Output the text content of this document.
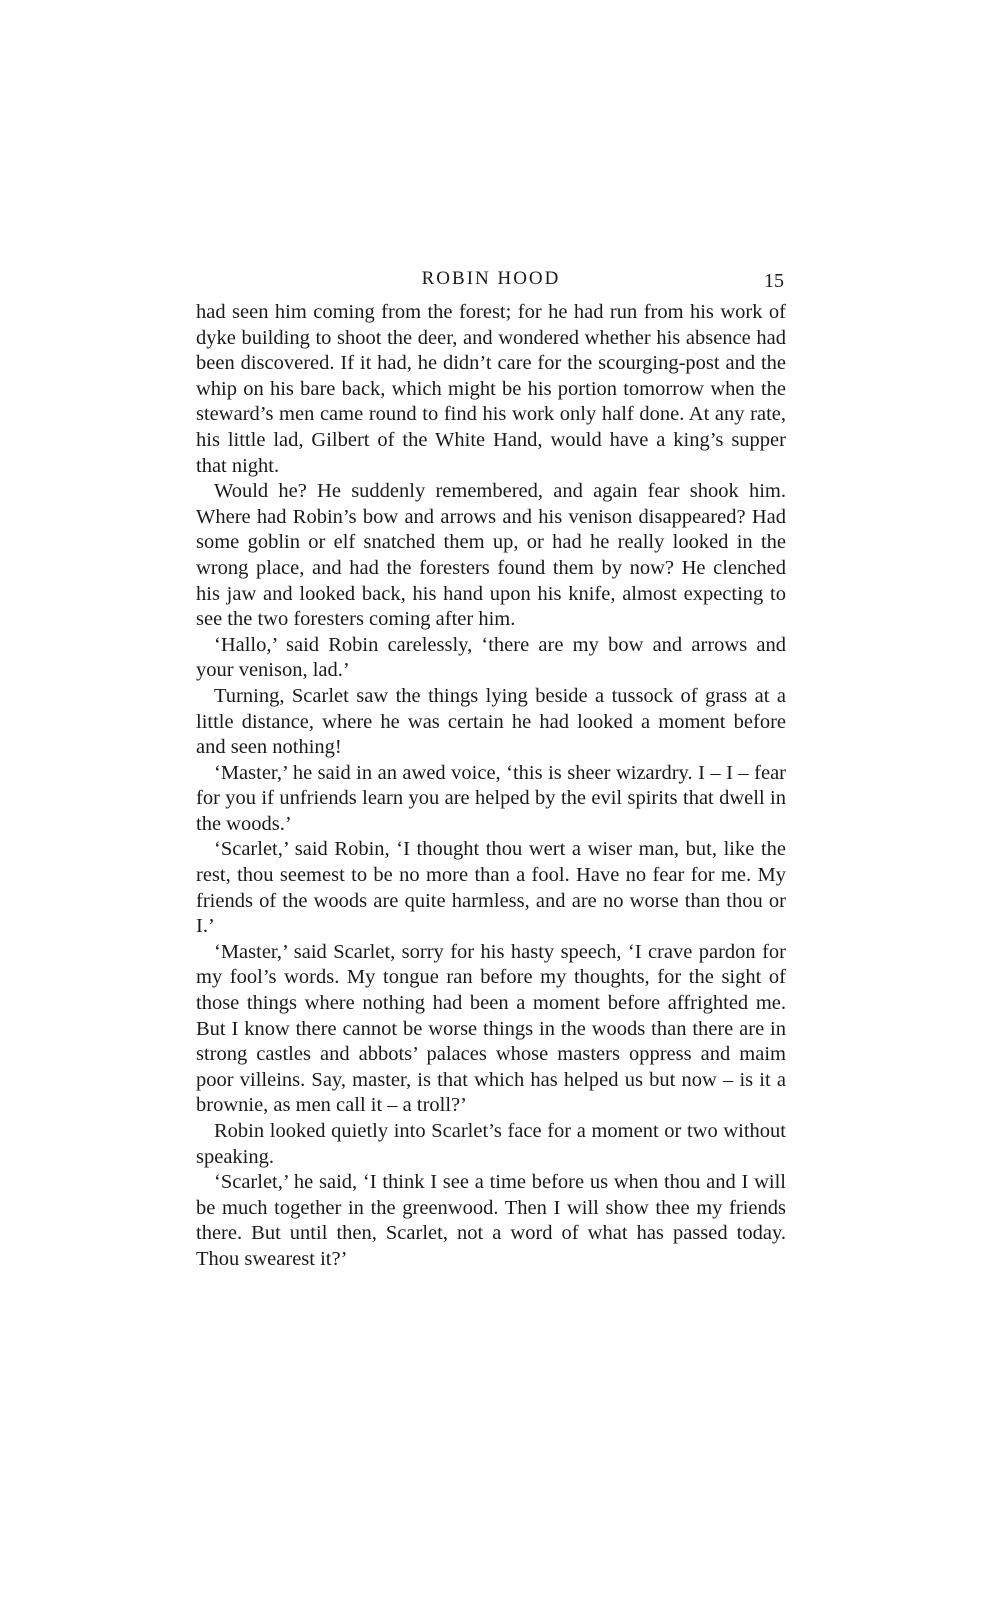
ROBIN HOOD	15

had seen him coming from the forest; for he had run from his work of dyke building to shoot the deer, and wondered whether his absence had been discovered. If it had, he didn’t care for the scourging-post and the whip on his bare back, which might be his portion tomorrow when the steward’s men came round to find his work only half done. At any rate, his little lad, Gilbert of the White Hand, would have a king’s supper that night.

Would he? He suddenly remembered, and again fear shook him. Where had Robin’s bow and arrows and his venison disappeared? Had some goblin or elf snatched them up, or had he really looked in the wrong place, and had the foresters found them by now? He clenched his jaw and looked back, his hand upon his knife, almost expecting to see the two foresters coming after him.

‘Hallo,’ said Robin carelessly, ‘there are my bow and arrows and your venison, lad.’

Turning, Scarlet saw the things lying beside a tussock of grass at a little distance, where he was certain he had looked a moment before and seen nothing!

‘Master,’ he said in an awed voice, ‘this is sheer wizardry. I – I – fear for you if unfriends learn you are helped by the evil spirits that dwell in the woods.’

‘Scarlet,’ said Robin, ‘I thought thou wert a wiser man, but, like the rest, thou seemest to be no more than a fool. Have no fear for me. My friends of the woods are quite harmless, and are no worse than thou or I.’

‘Master,’ said Scarlet, sorry for his hasty speech, ‘I crave pardon for my fool’s words. My tongue ran before my thoughts, for the sight of those things where nothing had been a moment before affrighted me. But I know there cannot be worse things in the woods than there are in strong castles and abbots’ palaces whose masters oppress and maim poor villeins. Say, master, is that which has helped us but now – is it a brownie, as men call it – a troll?’

Robin looked quietly into Scarlet’s face for a moment or two without speaking.

‘Scarlet,’ he said, ‘I think I see a time before us when thou and I will be much together in the greenwood. Then I will show thee my friends there. But until then, Scarlet, not a word of what has passed today. Thou swearest it?’
